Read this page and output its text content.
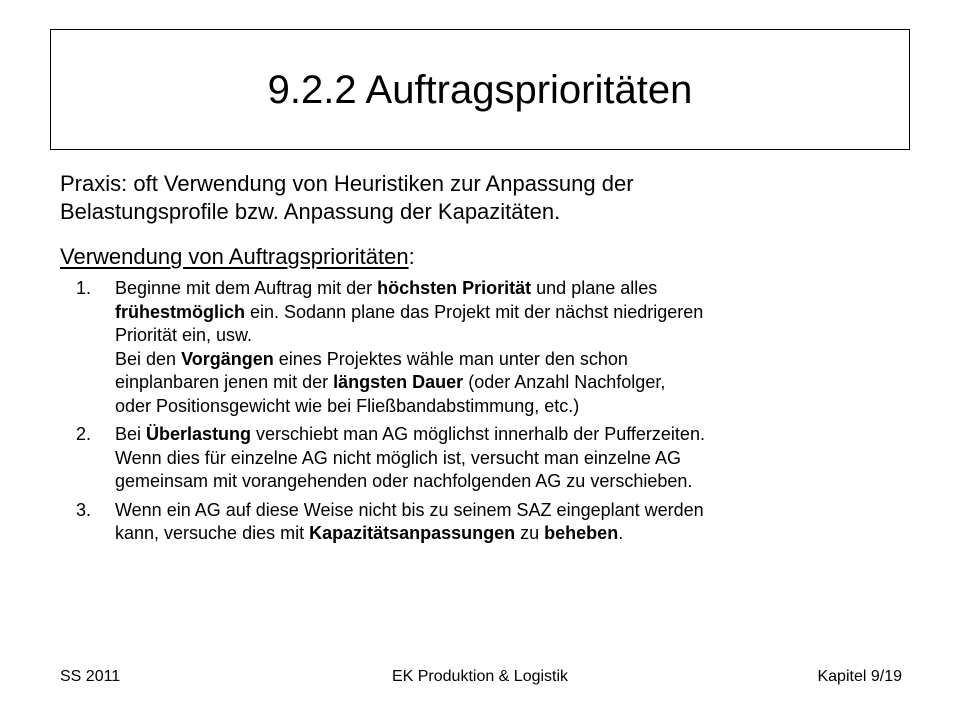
9.2.2 Auftragsprioritäten

Praxis: oft Verwendung von Heuristiken zur Anpassung der
Belastungsprofile bzw. Anpassung der Kapazitäten.

Verwendung von Auftragsprioritäten:

1. Beginne mit dem Auftrag mit der höchsten Priorität und plane alles
frühestmöglich ein. Sodann plane das Projekt mit der nächst niedrigeren
Priorität ein, usw.
Bei den Vorgängen eines Projektes wähle man unter den schon
einplanbaren jenen mit der längsten Dauer (oder Anzahl Nachfolger,
oder Positionsgewicht wie bei Fließbandabstimmung, etc.)
2. Bei Überlastung verschiebt man AG möglichst innerhalb der Pufferzeiten.
Wenn dies für einzelne AG nicht möglich ist, versucht man einzelne AG
gemeinsam mit vorangehenden oder nachfolgenden AG zu verschieben.
3. Wenn ein AG auf diese Weise nicht bis zu seinem SAZ eingeplant werden
kann, versuche dies mit Kapazitätsanpassungen zu beheben.
SS 2011	EK Produktion & Logistik	Kapitel 9/19
